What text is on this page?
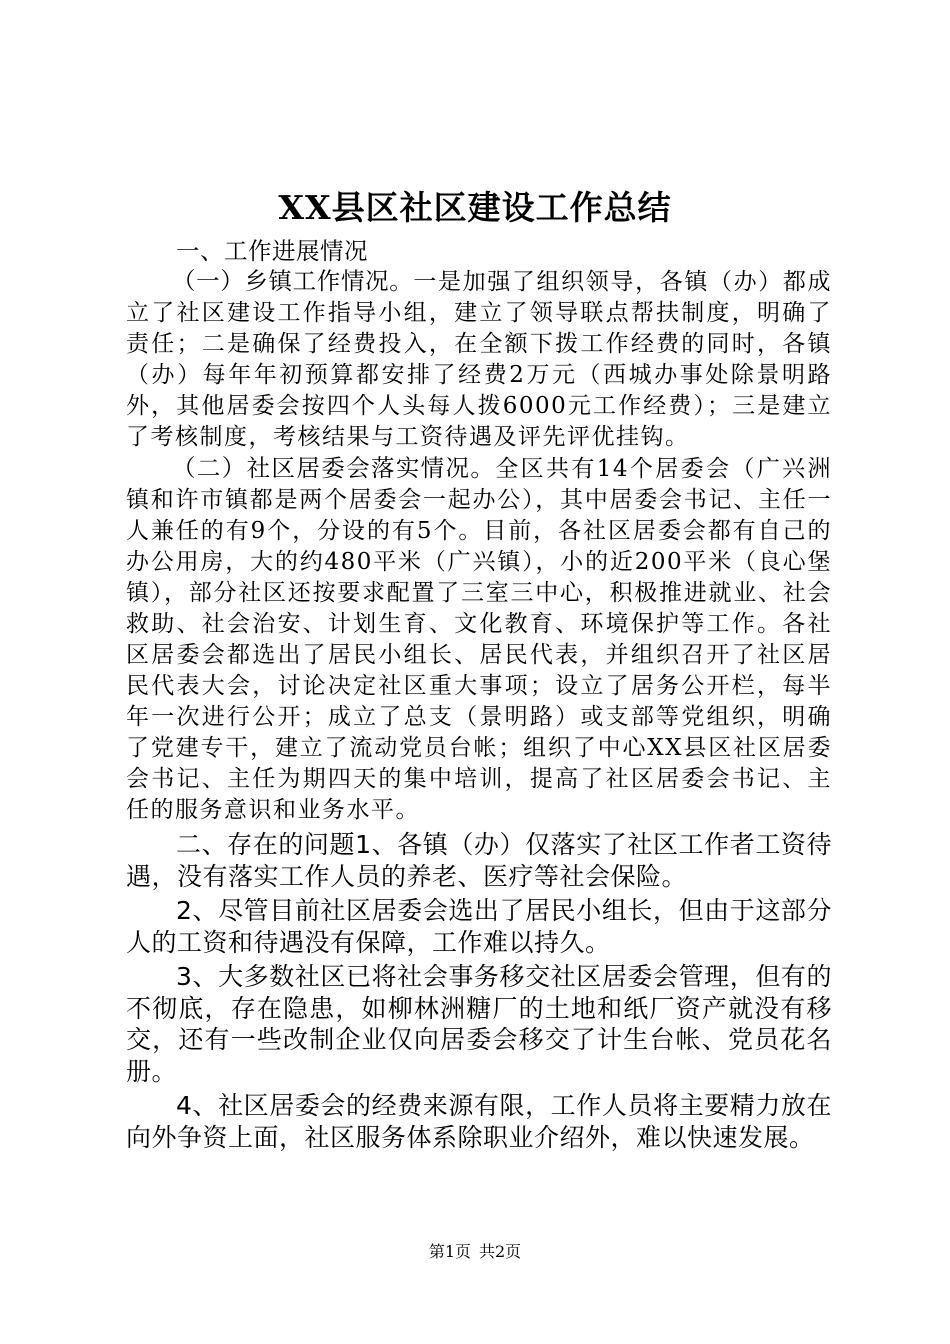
XX县区社区建设工作总结

一、工作进展情况

（一）乡镇工作情况。一是加强了组织领导，各镇（办）都成立了社区建设工作指导小组，建立了领导联点帮扶制度，明确了责任；二是确保了经费投入，在全额下拨工作经费的同时，各镇（办）每年年初预算都安排了经费2万元（西城办事处除景明路外，其他居委会按四个人头每人拨6000元工作经费）；三是建立了考核制度，考核结果与工资待遇及评先评优挂钩。

（二）社区居委会落实情况。全区共有14个居委会（广兴洲镇和许市镇都是两个居委会一起办公），其中居委会书记、主任一人兼任的有9个，分设的有5个。目前，各社区居委会都有自己的办公用房，大的约480平米（广兴镇），小的近200平米（良心堡镇），部分社区还按要求配置了三室三中心，积极推进就业、社会救助、社会治安、计划生育、文化教育、环境保护等工作。各社区居委会都选出了居民小组长、居民代表，并组织召开了社区居民代表大会，讨论决定社区重大事项；设立了居务公开栏，每半年一次进行公开；成立了总支（景明路）或支部等党组织，明确了党建专干，建立了流动党员台帐；组织了中心XX县区社区居委会书记、主任为期四天的集中培训，提高了社区居委会书记、主任的服务意识和业务水平。

二、存在的问题1、各镇（办）仅落实了社区工作者工资待遇，没有落实工作人员的养老、医疗等社会保险。

2、尽管目前社区居委会选出了居民小组长，但由于这部分人的工资和待遇没有保障，工作难以持久。

3、大多数社区已将社会事务移交社区居委会管理，但有的不彻底，存在隐患，如柳林洲糖厂的土地和纸厂资产就没有移交，还有一些改制企业仅向居委会移交了计生台帐、党员花名册。

4、社区居委会的经费来源有限，工作人员将主要精力放在向外争资上面，社区服务体系除职业介绍外，难以快速发展。

第1页 共2页
